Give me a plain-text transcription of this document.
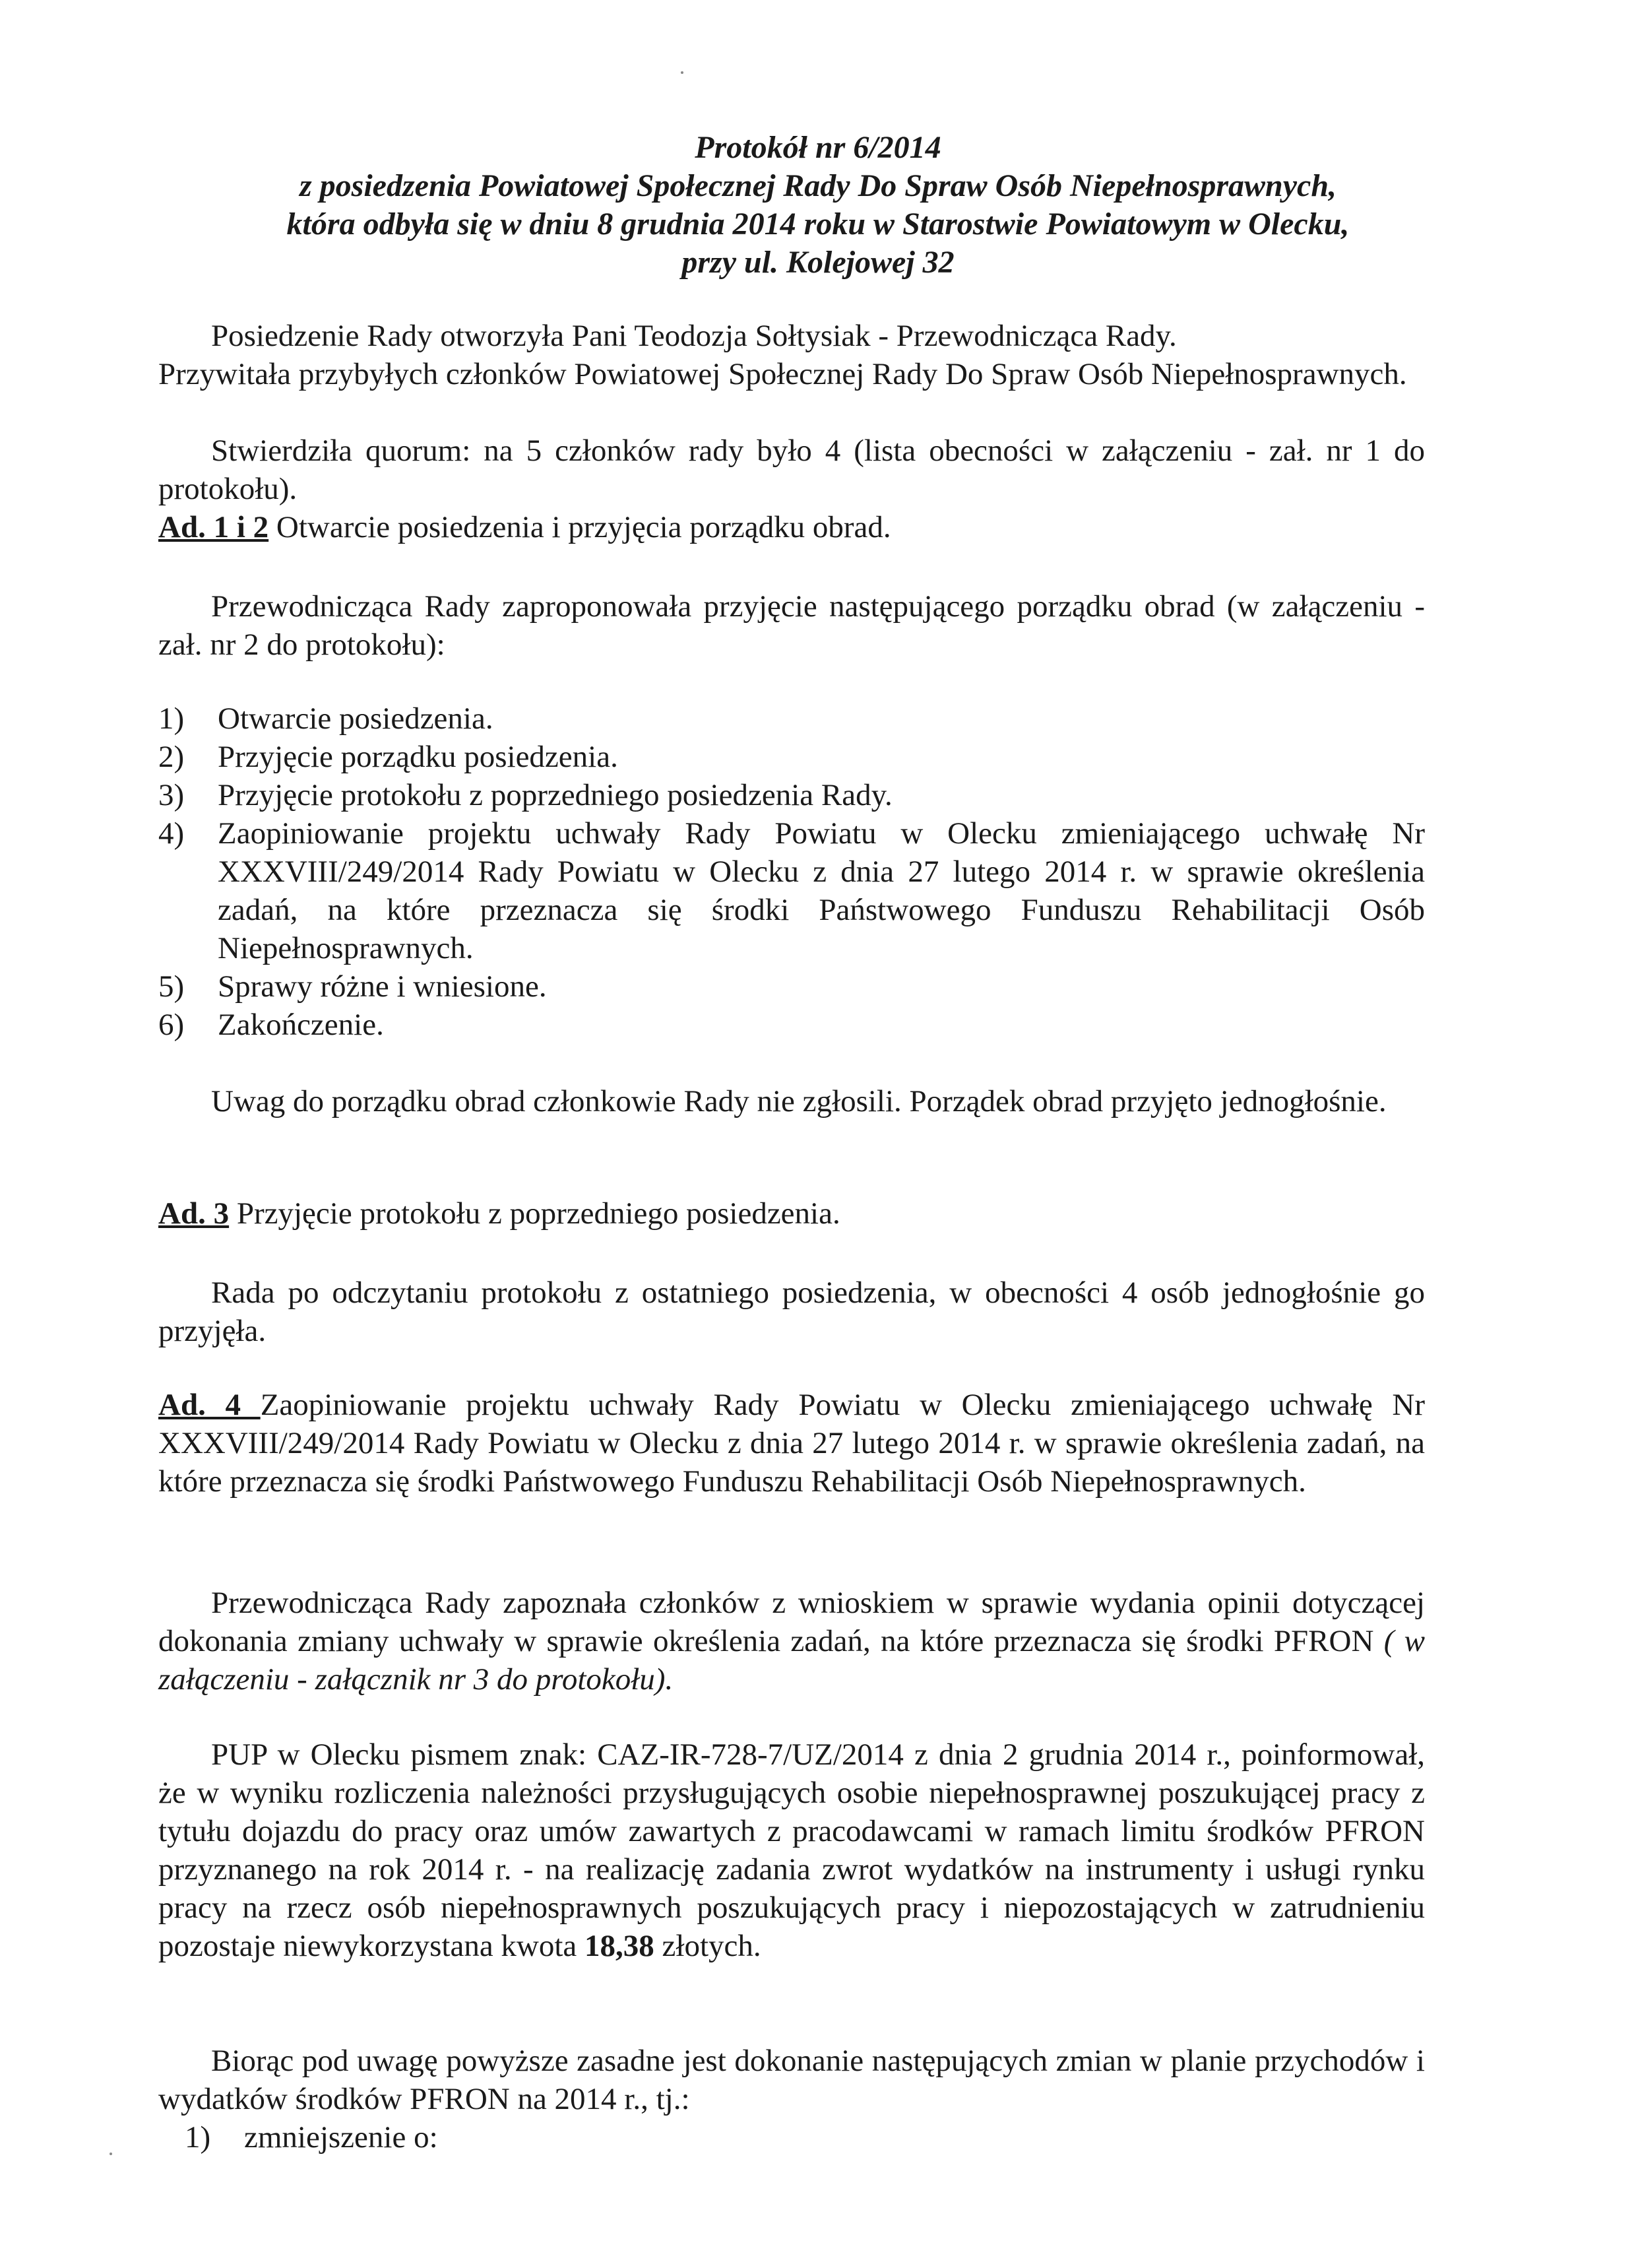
Protokół nr 6/2014
z posiedzenia Powiatowej Społecznej Rady Do Spraw Osób Niepełnosprawnych,
która odbyła się w dniu 8 grudnia 2014 roku w Starostwie Powiatowym w Olecku,
przy ul. Kolejowej 32
Posiedzenie Rady otworzyła Pani Teodozja Sołtysiak - Przewodnicząca Rady.
Przywitała przybyłych członków Powiatowej Społecznej Rady Do Spraw Osób Niepełnosprawnych.
Stwierdziła quorum: na 5 członków rady było 4 (lista obecności w załączeniu - zał. nr 1 do protokołu).
Ad. 1 i 2 Otwarcie posiedzenia i przyjęcia porządku obrad.
Przewodnicząca Rady zaproponowała przyjęcie następującego porządku obrad (w załączeniu - zał. nr 2 do protokołu):
1) Otwarcie posiedzenia.
2) Przyjęcie porządku posiedzenia.
3) Przyjęcie protokołu z poprzedniego posiedzenia Rady.
4) Zaopiniowanie projektu uchwały Rady Powiatu w Olecku zmieniającego uchwałę Nr XXXVIII/249/2014 Rady Powiatu w Olecku z dnia 27 lutego 2014 r. w sprawie określenia zadań, na które przeznacza się środki Państwowego Funduszu Rehabilitacji Osób Niepełnosprawnych.
5) Sprawy różne i wniesione.
6) Zakończenie.
Uwag do porządku obrad członkowie Rady nie zgłosili. Porządek obrad przyjęto jednogłośnie.
Ad. 3 Przyjęcie protokołu z poprzedniego posiedzenia.
Rada po odczytaniu protokołu z ostatniego posiedzenia, w obecności 4 osób jednogłośnie go przyjęła.
Ad. 4 Zaopiniowanie projektu uchwały Rady Powiatu w Olecku zmieniającego uchwałę Nr XXXVIII/249/2014 Rady Powiatu w Olecku z dnia 27 lutego 2014 r. w sprawie określenia zadań, na które przeznacza się środki Państwowego Funduszu Rehabilitacji Osób Niepełnosprawnych.
Przewodnicząca Rady zapoznała członków z wnioskiem w sprawie wydania opinii dotyczącej dokonania zmiany uchwały w sprawie określenia zadań, na które przeznacza się środki PFRON ( w załączeniu - załącznik nr 3 do protokołu).
PUP w Olecku pismem znak: CAZ-IR-728-7/UZ/2014 z dnia 2 grudnia 2014 r., poinformował, że w wyniku rozliczenia należności przysługujących osobie niepełnosprawnej poszukującej pracy z tytułu dojazdu do pracy oraz umów zawartych z pracodawcami w ramach limitu środków PFRON przyznanego na rok 2014 r. - na realizację zadania zwrot wydatków na instrumenty i usługi rynku pracy na rzecz osób niepełnosprawnych poszukujących pracy i niepozostających w zatrudnieniu pozostaje niewykorzystana kwota 18,38 złotych.
Biorąc pod uwagę powyższe zasadne jest dokonanie następujących zmian w planie przychodów i wydatków środków PFRON na 2014 r., tj.:
1) zmniejszenie o:
